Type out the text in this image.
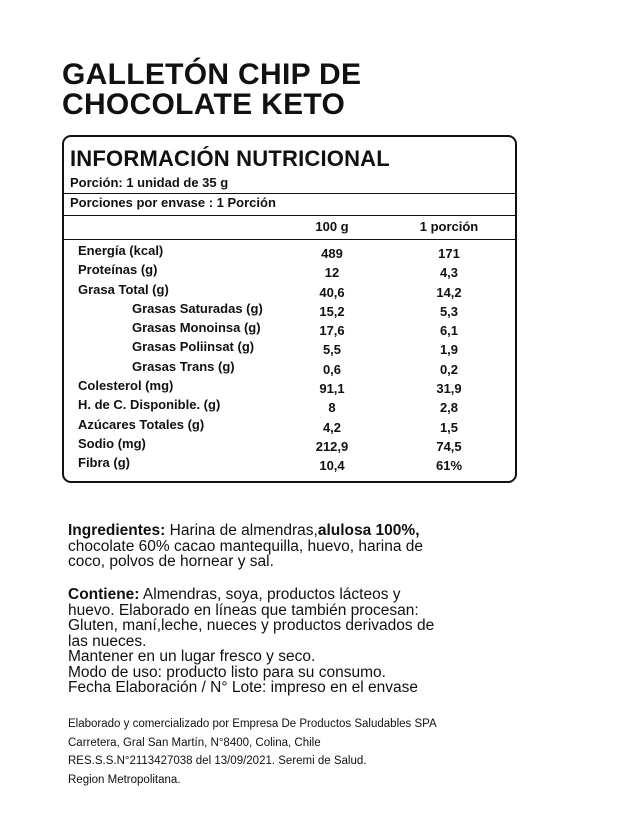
GALLETÓN CHIP DE
CHOCOLATE KETO
INFORMACIÓN NUTRICIONAL
Porción: 1 unidad de 35 g
Porciones por envase : 1 Porción
100 g	1 porción
Energía (kcal)	489	171
Proteínas (g)	12	4,3
Grasa Total (g)	40,6	14,2
Grasas Saturadas (g)	15,2	5,3
Grasas Monoinsa (g)	17,6	6,1
Grasas Poliinsat (g)	5,5	1,9
Grasas Trans (g)	0,6	0,2
Colesterol (mg)	91,1	31,9
H. de C. Disponible. (g)	8	2,8
Azúcares Totales (g)	4,2	1,5
Sodio (mg)	212,9	74,5
Fibra (g)	10,4	61%
Ingredientes: Harina de almendras,alulosa 100%,
chocolate 60% cacao mantequilla, huevo, harina de
coco, polvos de hornear y sal.
Contiene: Almendras, soya, productos lácteos y
huevo. Elaborado en líneas que también procesan:
Gluten, maní,leche, nueces y productos derivados de
las nueces.
Mantener en un lugar fresco y seco.
Modo de uso: producto listo para su consumo.
Fecha Elaboración / N° Lote: impreso en el envase
Elaborado y comercializado por Empresa De Productos Saludables SPA
Carretera, Gral San Martín, N°8400, Colina, Chile
RES.S.S.N°2113427038 del 13/09/2021. Seremi de Salud.
Region Metropolitana.
